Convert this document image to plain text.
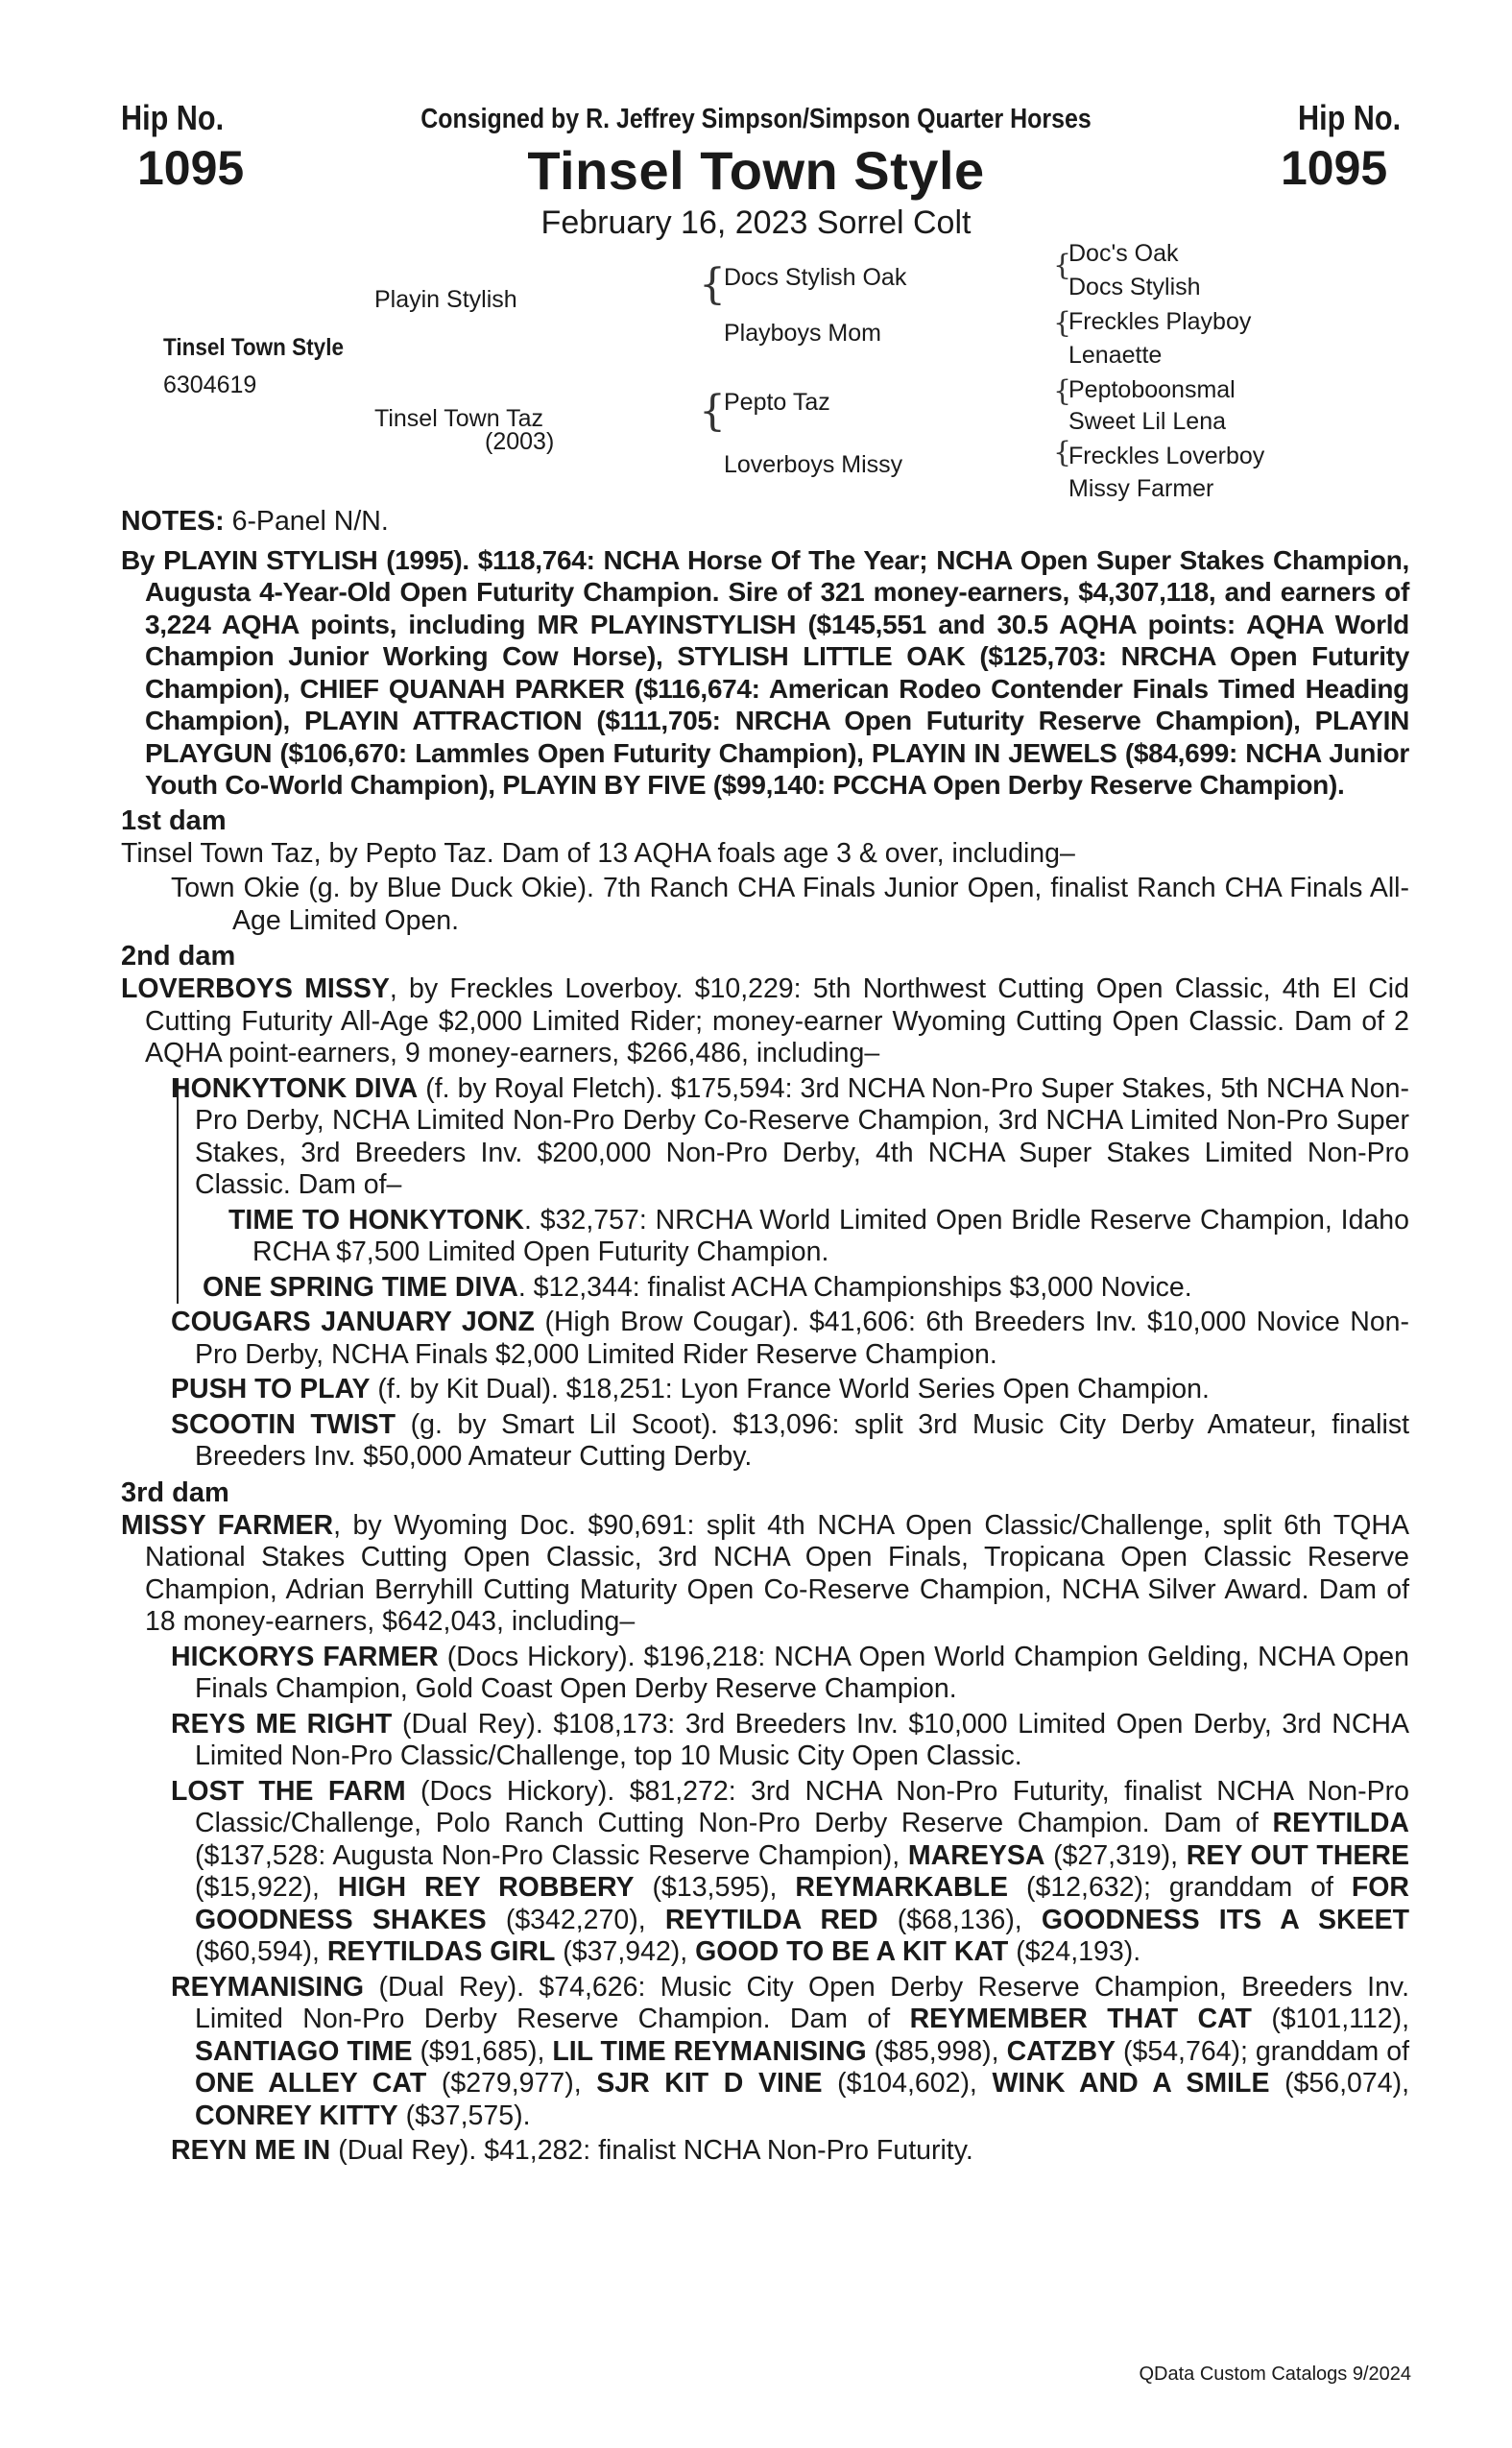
Hip No.
1095
Hip No.
1095
Consigned by R. Jeffrey Simpson/Simpson Quarter Horses
Tinsel Town Style
February 16, 2023 Sorrel Colt
Tinsel Town Style
6304619
Playin Stylish
Tinsel Town Taz
(2003)
{
{
Docs Stylish Oak
Playboys Mom
Pepto Taz
Loverboys Missy
{
{
{
{
Doc's Oak
Docs Stylish
Freckles Playboy
Lenaette
Peptoboonsmal
Sweet Lil Lena
Freckles Loverboy
Missy Farmer

NOTES: 6-Panel N/N.

By PLAYIN STYLISH (1995). $118,764: NCHA Horse Of The Year; NCHA Open Super Stakes Champion, Augusta 4-Year-Old Open Futurity Champion. Sire of 321 money-earners, $4,307,118, and earners of 3,224 AQHA points, including MR PLAYINSTYLISH ($145,551 and 30.5 AQHA points: AQHA World Champion Junior Working Cow Horse), STYLISH LITTLE OAK ($125,703: NRCHA Open Futurity Champion), CHIEF QUANAH PARKER ($116,674: American Rodeo Contender Finals Timed Heading Champion), PLAYIN ATTRACTION ($111,705: NRCHA Open Futurity Reserve Champion), PLAYIN PLAYGUN ($106,670: Lammles Open Futurity Champion), PLAYIN IN JEWELS ($84,699: NCHA Junior Youth Co-World Champion), PLAYIN BY FIVE ($99,140: PCCHA Open Derby Reserve Champion).

1st dam

Tinsel Town Taz, by Pepto Taz. Dam of 13 AQHA foals age 3 & over, including–

Town Okie (g. by Blue Duck Okie). 7th Ranch CHA Finals Junior Open, finalist Ranch CHA Finals All-Age Limited Open.

2nd dam

LOVERBOYS MISSY, by Freckles Loverboy. $10,229: 5th Northwest Cutting Open Classic, 4th El Cid Cutting Futurity All-Age $2,000 Limited Rider; money-earner Wyoming Cutting Open Classic. Dam of 2 AQHA point-earners, 9 money-earners, $266,486, including–

HONKYTONK DIVA (f. by Royal Fletch). $175,594: 3rd NCHA Non-Pro Super Stakes, 5th NCHA Non-Pro Derby, NCHA Limited Non-Pro Derby Co-Reserve Champion, 3rd NCHA Limited Non-Pro Super Stakes, 3rd Breeders Inv. $200,000 Non-Pro Derby, 4th NCHA Super Stakes Limited Non-Pro Classic. Dam of–

TIME TO HONKYTONK. $32,757: NRCHA World Limited Open Bridle Reserve Champion, Idaho RCHA $7,500 Limited Open Futurity Champion.

ONE SPRING TIME DIVA. $12,344: finalist ACHA Championships $3,000 Novice.

COUGARS JANUARY JONZ (High Brow Cougar). $41,606: 6th Breeders Inv. $10,000 Novice Non-Pro Derby, NCHA Finals $2,000 Limited Rider Reserve Champion.

PUSH TO PLAY (f. by Kit Dual). $18,251: Lyon France World Series Open Champion.

SCOOTIN TWIST (g. by Smart Lil Scoot). $13,096: split 3rd Music City Derby Amateur, finalist Breeders Inv. $50,000 Amateur Cutting Derby.

3rd dam

MISSY FARMER, by Wyoming Doc. $90,691: split 4th NCHA Open Classic/Challenge, split 6th TQHA National Stakes Cutting Open Classic, 3rd NCHA Open Finals, Tropicana Open Classic Reserve Champion, Adrian Berryhill Cutting Maturity Open Co-Reserve Champion, NCHA Silver Award. Dam of 18 money-earners, $642,043, including–

HICKORYS FARMER (Docs Hickory). $196,218: NCHA Open World Champion Gelding, NCHA Open Finals Champion, Gold Coast Open Derby Reserve Champion.

REYS ME RIGHT (Dual Rey). $108,173: 3rd Breeders Inv. $10,000 Limited Open Derby, 3rd NCHA Limited Non-Pro Classic/Challenge, top 10 Music City Open Classic.

LOST THE FARM (Docs Hickory). $81,272: 3rd NCHA Non-Pro Futurity, finalist NCHA Non-Pro Classic/Challenge, Polo Ranch Cutting Non-Pro Derby Reserve Champion. Dam of REYTILDA ($137,528: Augusta Non-Pro Classic Reserve Champion), MAREYSA ($27,319), REY OUT THERE ($15,922), HIGH REY ROBBERY ($13,595), REYMARKABLE ($12,632); granddam of FOR GOODNESS SHAKES ($342,270), REYTILDA RED ($68,136), GOODNESS ITS A SKEET ($60,594), REYTILDAS GIRL ($37,942), GOOD TO BE A KIT KAT ($24,193).

REYMANISING (Dual Rey). $74,626: Music City Open Derby Reserve Champion, Breeders Inv. Limited Non-Pro Derby Reserve Champion. Dam of REYMEMBER THAT CAT ($101,112), SANTIAGO TIME ($91,685), LIL TIME REYMANISING ($85,998), CATZBY ($54,764); granddam of ONE ALLEY CAT ($279,977), SJR KIT D VINE ($104,602), WINK AND A SMILE ($56,074), CONREY KITTY ($37,575).

REYN ME IN (Dual Rey). $41,282: finalist NCHA Non-Pro Futurity.

QData Custom Catalogs 9/2024
